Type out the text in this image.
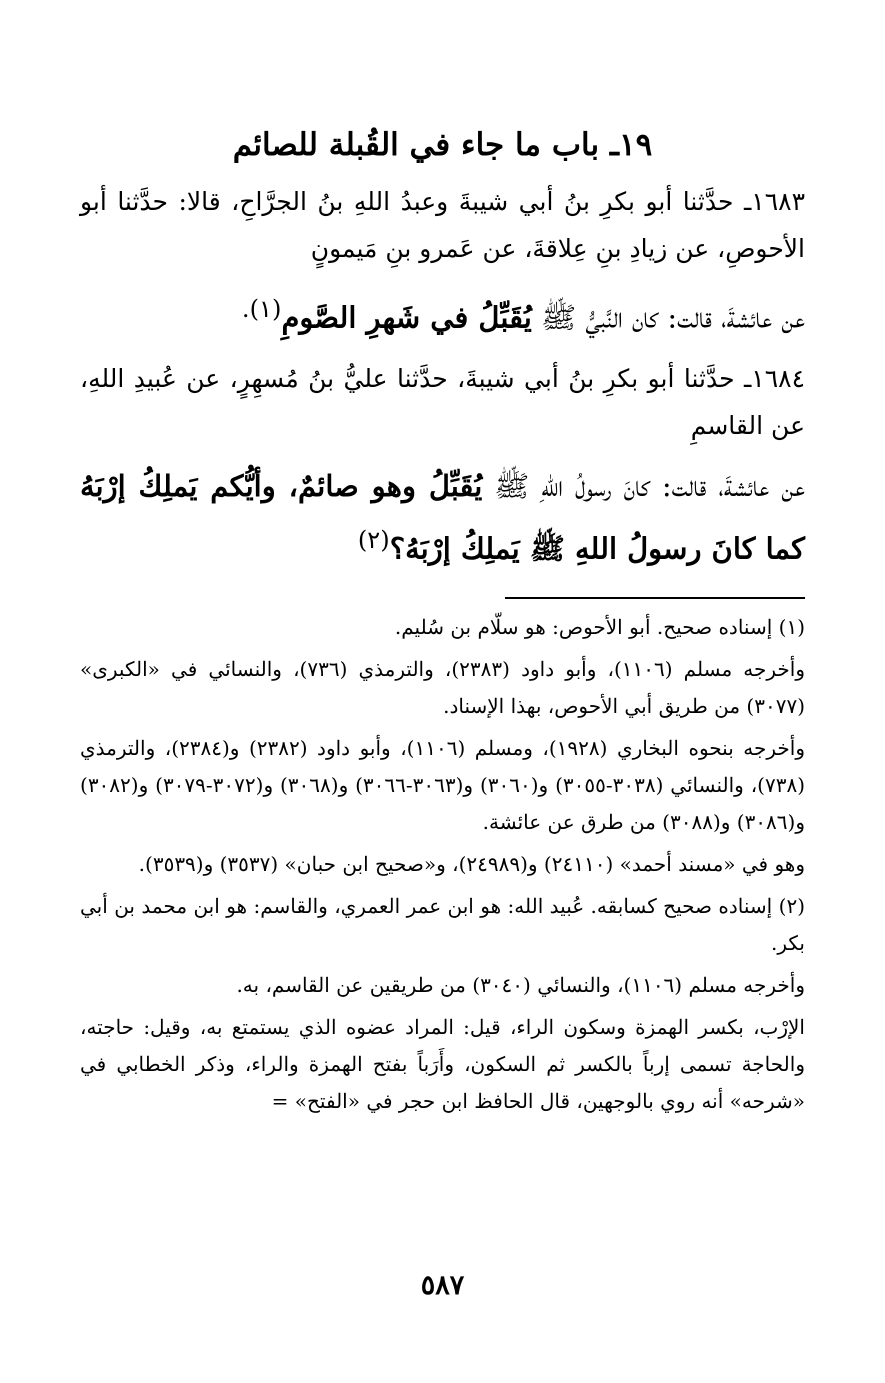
١٩ـ باب ما جاء في القُبلة للصائم

١٦٨٣ـ حدَّثنا أبو بكرِ بنُ أبي شيبةَ وعبدُ اللهِ بنُ الجرَّاحِ، قالا: حدَّثنا أبو الأحوصِ، عن زيادِ بنِ عِلاقةَ، عن عَمرو بنِ مَيمونٍ

عن عائشةَ، قالت: كان النَّبيُّ ﷺ يُقَبِّلُ في شَهرِ الصَّومِ$^{(١).}$

١٦٨٤ـ حدَّثنا أبو بكرِ بنُ أبي شيبةَ، حدَّثنا عليُّ بنُ مُسهِرٍ، عن عُبيدِ اللهِ، عن القاسمِ

عن عائشةَ، قالت: كانَ رسولُ اللهِ ﷺ يُقَبِّلُ وهو صائمٌ، وأيُّكم يَملِكُ إرْبَهُ كما كانَ رسولُ اللهِ ﷺ يَملِكُ إرْبَهُ؟$^{(٢)}$

(١) إسناده صحيح. أبو الأحوص: هو سلّام بن سُليم.

وأخرجه مسلم (١١٠٦)، وأبو داود (٢٣٨٣)، والترمذي (٧٣٦)، والنسائي في «الكبرى» (٣٠٧٧) من طريق أبي الأحوص، بهذا الإسناد.

وأخرجه بنحوه البخاري (١٩٢٨)، ومسلم (١١٠٦)، وأبو داود (٢٣٨٢) و(٢٣٨٤)، والترمذي (٧٣٨)، والنسائي (٣٠٣٨-٣٠٥٥) و(٣٠٦٠) و(٣٠٦٣-٣٠٦٦) و(٣٠٦٨) و(٣٠٧٢-٣٠٧٩) و(٣٠٨٢) و(٣٠٨٦) و(٣٠٨٨) من طرق عن عائشة.

وهو في «مسند أحمد» (٢٤١١٠) و(٢٤٩٨٩)، و«صحيح ابن حبان» (٣٥٣٧) و(٣٥٣٩).

(٢) إسناده صحيح كسابقه. عُبيد الله: هو ابن عمر العمري، والقاسم: هو ابن محمد بن أبي بكر.

وأخرجه مسلم (١١٠٦)، والنسائي (٣٠٤٠) من طريقين عن القاسم، به.

الإرْب، بكسر الهمزة وسكون الراء، قيل: المراد عضوه الذي يستمتع به، وقيل: حاجته، والحاجة تسمى إرباً بالكسر ثم السكون، وأَرَباً بفتح الهمزة والراء، وذكر الخطابي في «شرحه» أنه روي بالوجهين، قال الحافظ ابن حجر في «الفتح» =

٥٨٧
